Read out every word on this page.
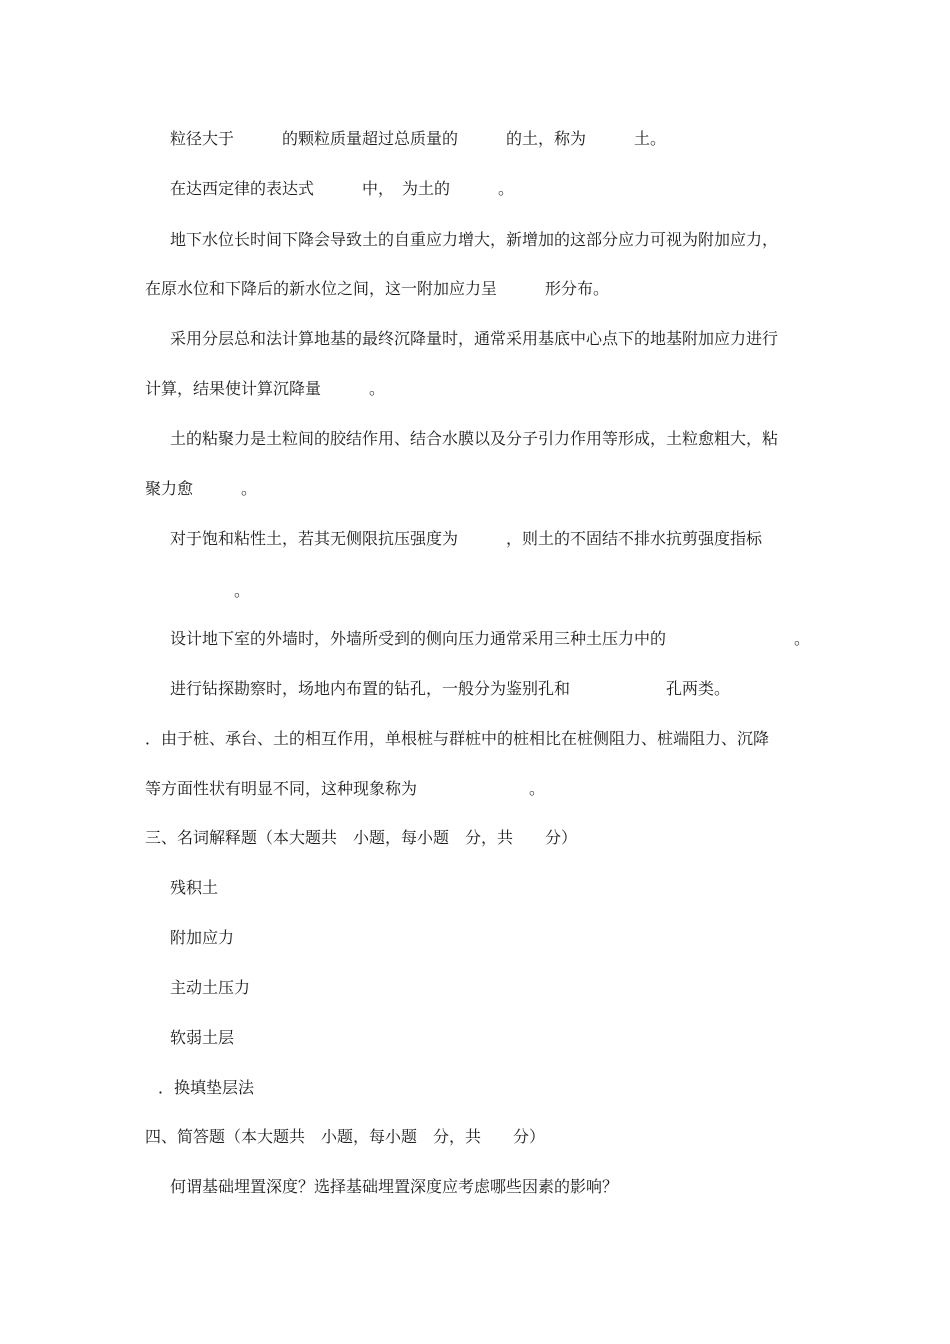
粒径大于　　　的颗粒质量超过总质量的　　　的土，称为　　　土。
在达西定律的表达式　　　中，　为土的　　　。
地下水位长时间下降会导致土的自重应力增大，新增加的这部分应力可视为附加应力，
在原水位和下降后的新水位之间，这一附加应力呈　　　形分布。
采用分层总和法计算地基的最终沉降量时，通常采用基底中心点下的地基附加应力进行
计算，结果使计算沉降量　　　。
土的粘聚力是土粒间的胶结作用、结合水膜以及分子引力作用等形成，土粒愈粗大，粘
聚力愈　　　。
对于饱和粘性土，若其无侧限抗压强度为　　　，则土的不固结不排水抗剪强度指标
　　　　。
设计地下室的外墙时，外墙所受到的侧向压力通常采用三种土压力中的　　　　　　　　。
进行钻探勘察时，场地内布置的钻孔，一般分为鉴别孔和　　　　　　孔两类。
．由于桩、承台、土的相互作用，单根桩与群桩中的桩相比在桩侧阻力、桩端阻力、沉降
等方面性状有明显不同，这种现象称为　　　　　　　。
三、名词解释题（本大题共　小题，每小题　分，共　　分）
残积土
附加应力
主动土压力
软弱土层
．换填垫层法
四、简答题（本大题共　小题，每小题　分，共　　分）
何谓基础埋置深度？选择基础埋置深度应考虑哪些因素的影响？
